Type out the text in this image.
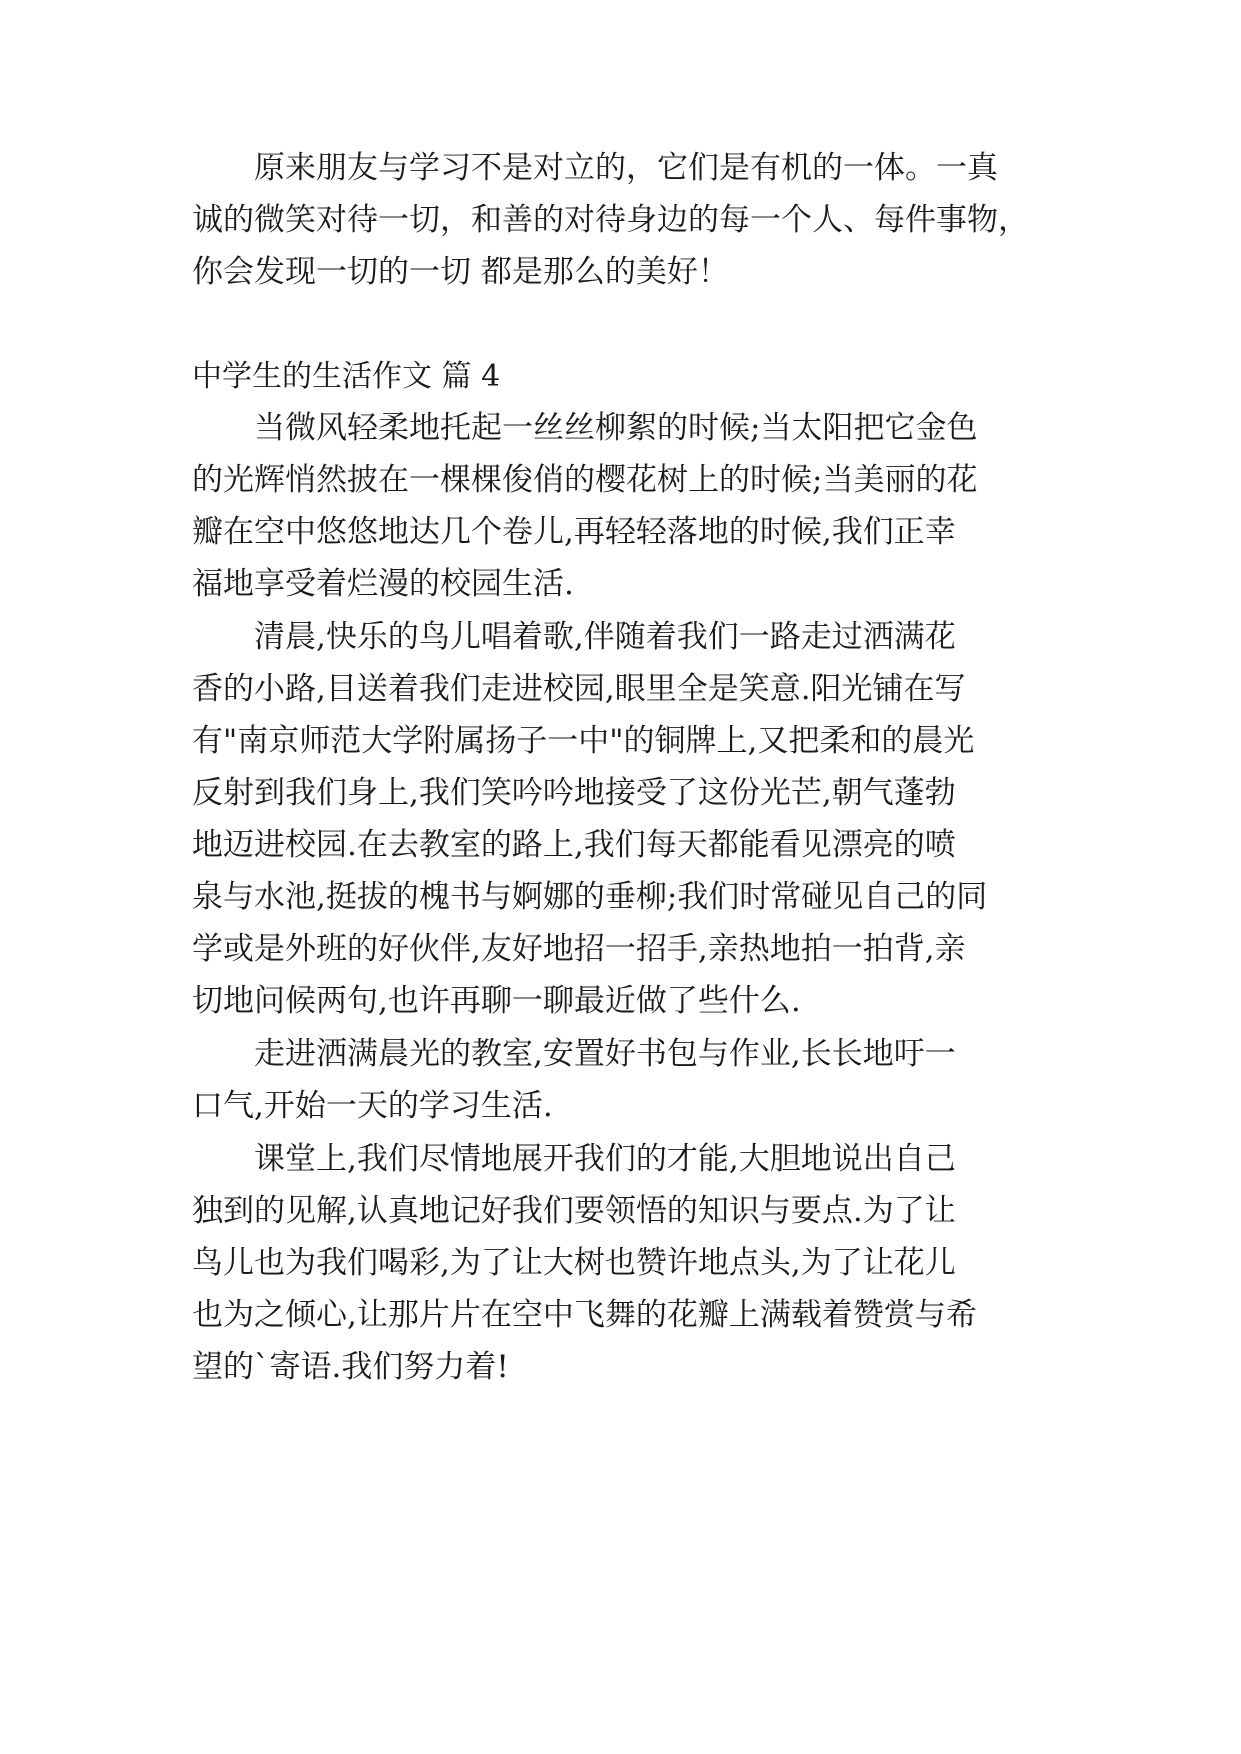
　　原来朋友与学习不是对立的，它们是有机的一体。一真
诚的微笑对待一切，和善的对待身边的每一个人、每件事物，
你会发现一切的一切 都是那么的美好！
中学生的生活作文 篇 4
　　当微风轻柔地托起一丝丝柳絮的时候;当太阳把它金色
的光辉悄然披在一棵棵俊俏的樱花树上的时候;当美丽的花
瓣在空中悠悠地达几个卷儿,再轻轻落地的时候,我们正幸
福地享受着烂漫的校园生活.
　　清晨,快乐的鸟儿唱着歌,伴随着我们一路走过洒满花
香的小路,目送着我们走进校园,眼里全是笑意.阳光铺在写
有"南京师范大学附属扬子一中"的铜牌上,又把柔和的晨光
反射到我们身上,我们笑吟吟地接受了这份光芒,朝气蓬勃
地迈进校园.在去教室的路上,我们每天都能看见漂亮的喷
泉与水池,挺拔的槐书与婀娜的垂柳;我们时常碰见自己的同
学或是外班的好伙伴,友好地招一招手,亲热地拍一拍背,亲
切地问候两句,也许再聊一聊最近做了些什么.
　　走进洒满晨光的教室,安置好书包与作业,长长地吁一
口气,开始一天的学习生活.
　　课堂上,我们尽情地展开我们的才能,大胆地说出自己
独到的见解,认真地记好我们要领悟的知识与要点.为了让
鸟儿也为我们喝彩,为了让大树也赞许地点头,为了让花儿
也为之倾心,让那片片在空中飞舞的花瓣上满载着赞赏与希
望的`寄语.我们努力着!
